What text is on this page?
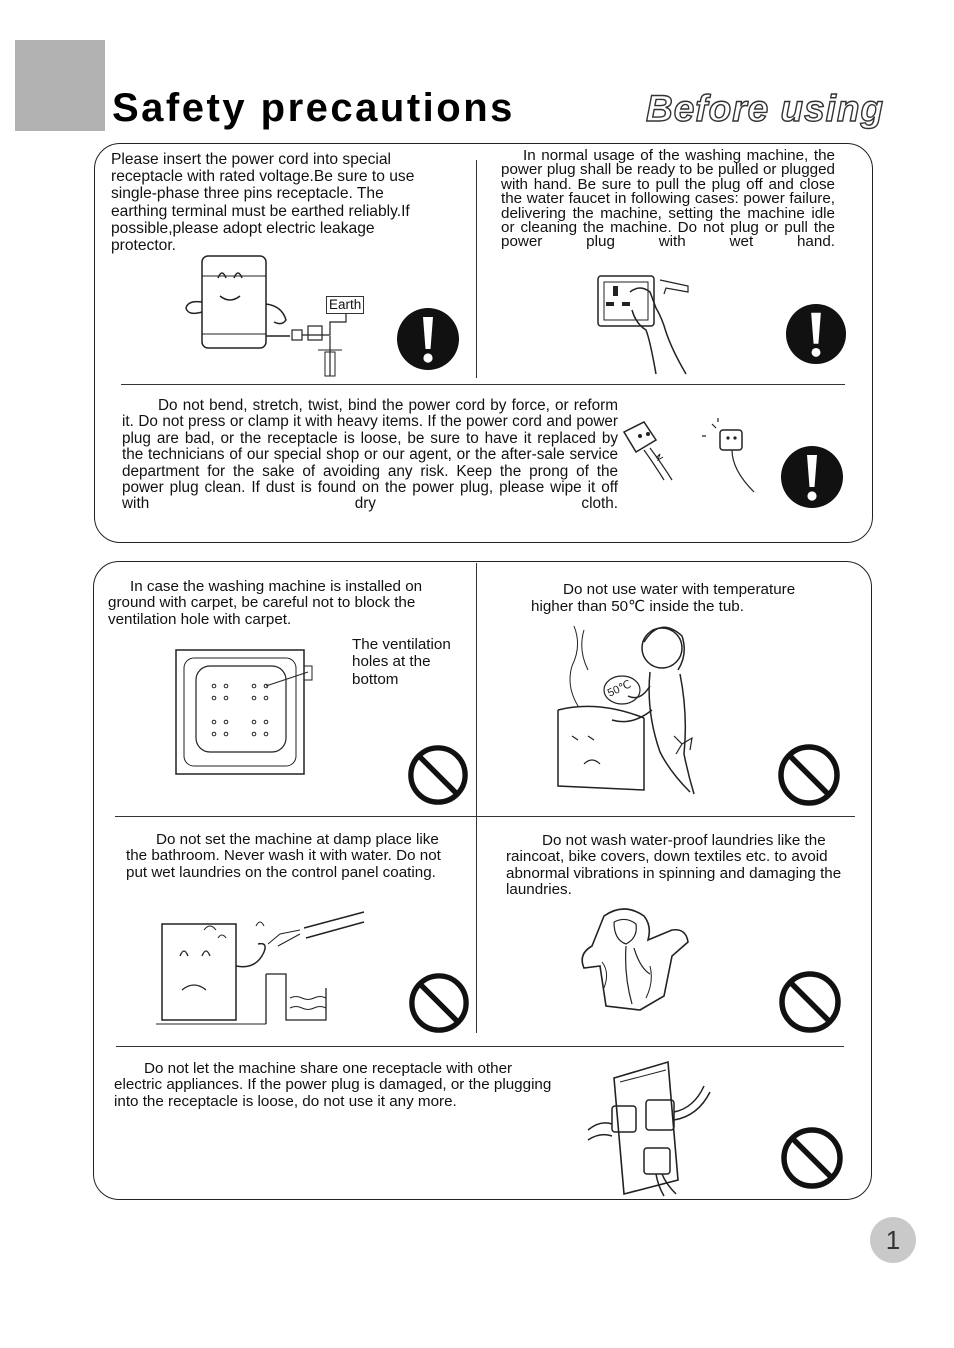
Safety precautions	Before using
Please insert the power cord into special receptacle with rated voltage.Be sure to use single-phase three pins receptacle. The earthing terminal must be earthed reliably.If possible,please adopt electric leakage protector.
Earth
In normal usage of the washing machine, the power plug shall be ready to be pulled or plugged with hand. Be sure to pull the plug off and close the water faucet in following cases: power failure, delivering the machine, setting the machine idle or cleaning the machine. Do not plug or pull the power plug with wet hand.
Do not bend, stretch, twist, bind the power cord by force, or reform it. Do not press or clamp it with heavy items. If the power cord and power plug are bad, or the receptacle is loose, be sure to have it replaced by the technicians of our special shop or our agent, or the after-sale service department for the sake of avoiding any risk. Keep the prong of the power plug clean. If dust is found on the power plug, please wipe it off with dry cloth.
In case the washing machine is installed on ground with carpet, be careful not to block the ventilation hole with carpet.
The ventilation holes at the bottom
Do not use water with temperature higher than 50℃ inside the tub.
50℃
Do not set the machine at damp place like the bathroom. Never wash it with water. Do not put wet laundries on the control panel coating.
Do not wash water-proof laundries like the raincoat, bike covers, down textiles etc. to avoid abnormal vibrations in spinning and damaging the laundries.
Do not let the machine share one receptacle with other electric appliances. If the power plug is damaged, or the plugging into the receptacle is loose, do not use it any more.
1
